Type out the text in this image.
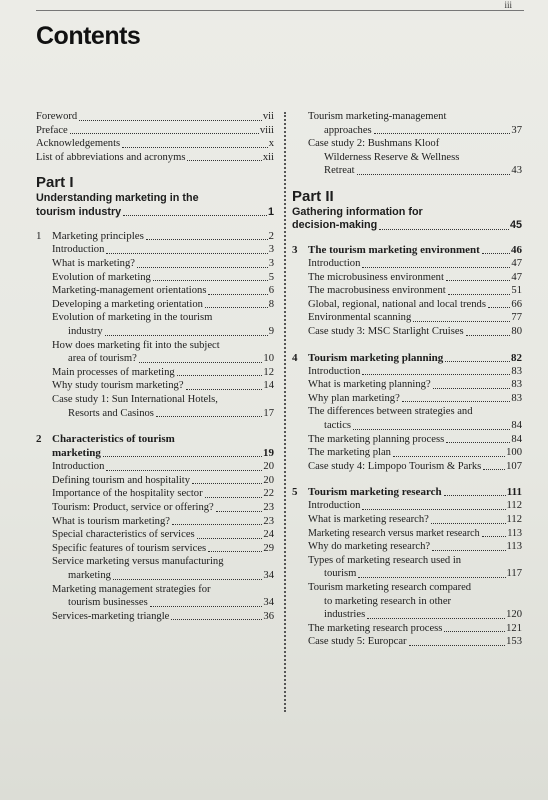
iii
Contents
Foreword	vii
Preface	viii
Acknowledgements	x
List of abbreviations and acronyms	xii
Part I
Understanding marketing in the
tourism industry	1
1 Marketing principles	2
Introduction	3
What is marketing?	3
Evolution of marketing	5
Marketing-management orientations	6
Developing a marketing orientation	8
Evolution of marketing in the tourism
industry	9
How does marketing fit into the subject
area of tourism?	10
Main processes of marketing	12
Why study tourism marketing?	14
Case study 1: Sun International Hotels,
Resorts and Casinos	17
2 Characteristics of tourism
marketing	19
Introduction	20
Defining tourism and hospitality	20
Importance of the hospitality sector	22
Tourism: Product, service or offering?	23
What is tourism marketing?	23
Special characteristics of services	24
Specific features of tourism services	29
Service marketing versus manufacturing
marketing	34
Marketing management strategies for
tourism businesses	34
Services-marketing triangle	36
Tourism marketing-management
approaches	37
Case study 2: Bushmans Kloof
Wilderness Reserve & Wellness
Retreat	43
Part II
Gathering information for
decision-making	45
3 The tourism marketing environment	46
Introduction	47
The microbusiness environment	47
The macrobusiness environment	51
Global, regional, national and local trends 66
Environmental scanning	77
Case study 3: MSC Starlight Cruises	80
4 Tourism marketing planning	82
Introduction	83
What is marketing planning?	83
Why plan marketing?	83
The differences between strategies and
tactics	84
The marketing planning process	84
The marketing plan	100
Case study 4: Limpopo Tourism & Parks 107
5 Tourism marketing research	111
Introduction	112
What is marketing research?	112
Marketing research versus market research	113
Why do marketing research?	113
Types of marketing research used in
tourism	117
Tourism marketing research compared
to marketing research in other
industries	120
The marketing research process	121
Case study 5: Europcar	153
